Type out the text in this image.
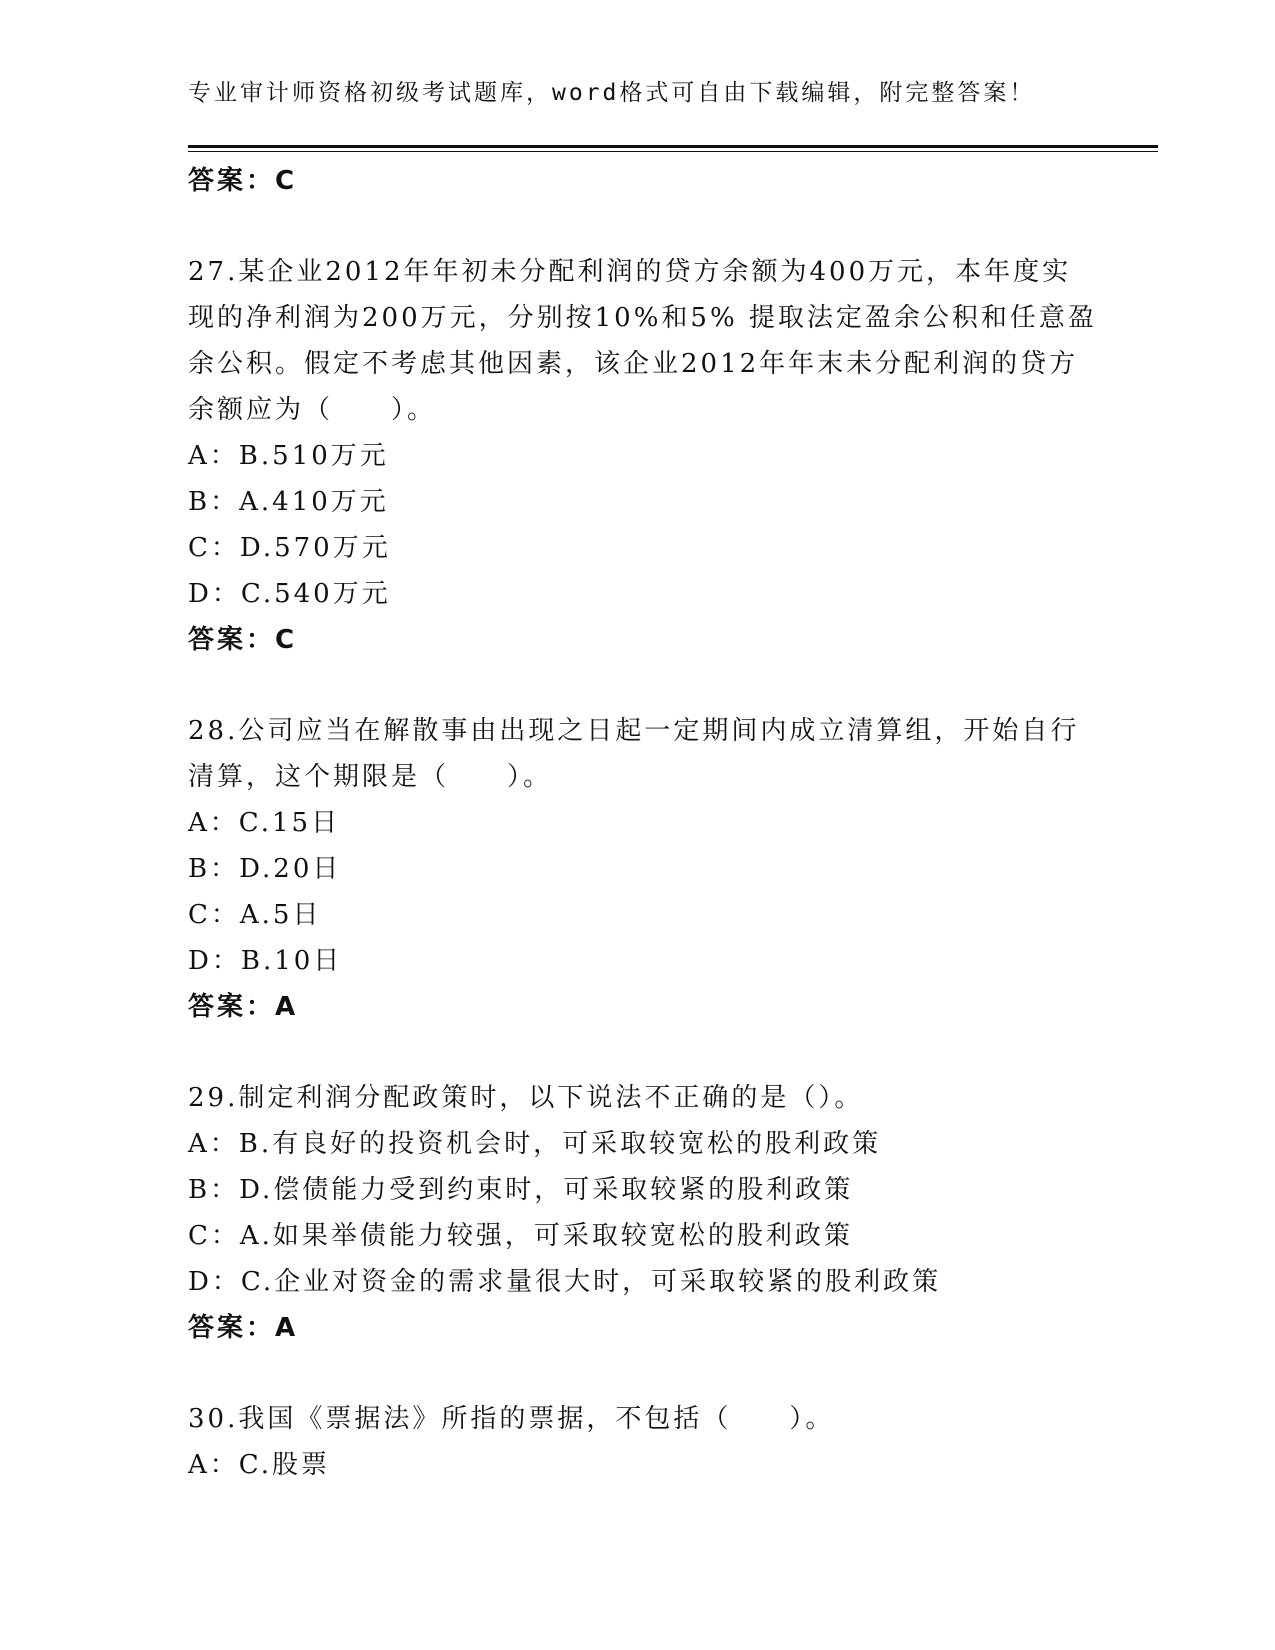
专业审计师资格初级考试题库，word格式可自由下载编辑，附完整答案！
答案：C
27.某企业2012年年初未分配利润的贷方余额为400万元，本年度实
现的净利润为200万元，分别按10%和5% 提取法定盈余公积和任意盈
余公积。假定不考虑其他因素，该企业2012年年末未分配利润的贷方
余额应为（　　）。
A：B.510万元
B：A.410万元
C：D.570万元
D：C.540万元
答案：C
28.公司应当在解散事由出现之日起一定期间内成立清算组，开始自行
清算，这个期限是（　　）。
A：C.15日
B：D.20日
C：A.5日
D：B.10日
答案：A
29.制定利润分配政策时，以下说法不正确的是（）。
A：B.有良好的投资机会时，可采取较宽松的股利政策
B：D.偿债能力受到约束时，可采取较紧的股利政策
C：A.如果举债能力较强，可采取较宽松的股利政策
D：C.企业对资金的需求量很大时，可采取较紧的股利政策
答案：A
30.我国《票据法》所指的票据，不包括（　　）。
A：C.股票
